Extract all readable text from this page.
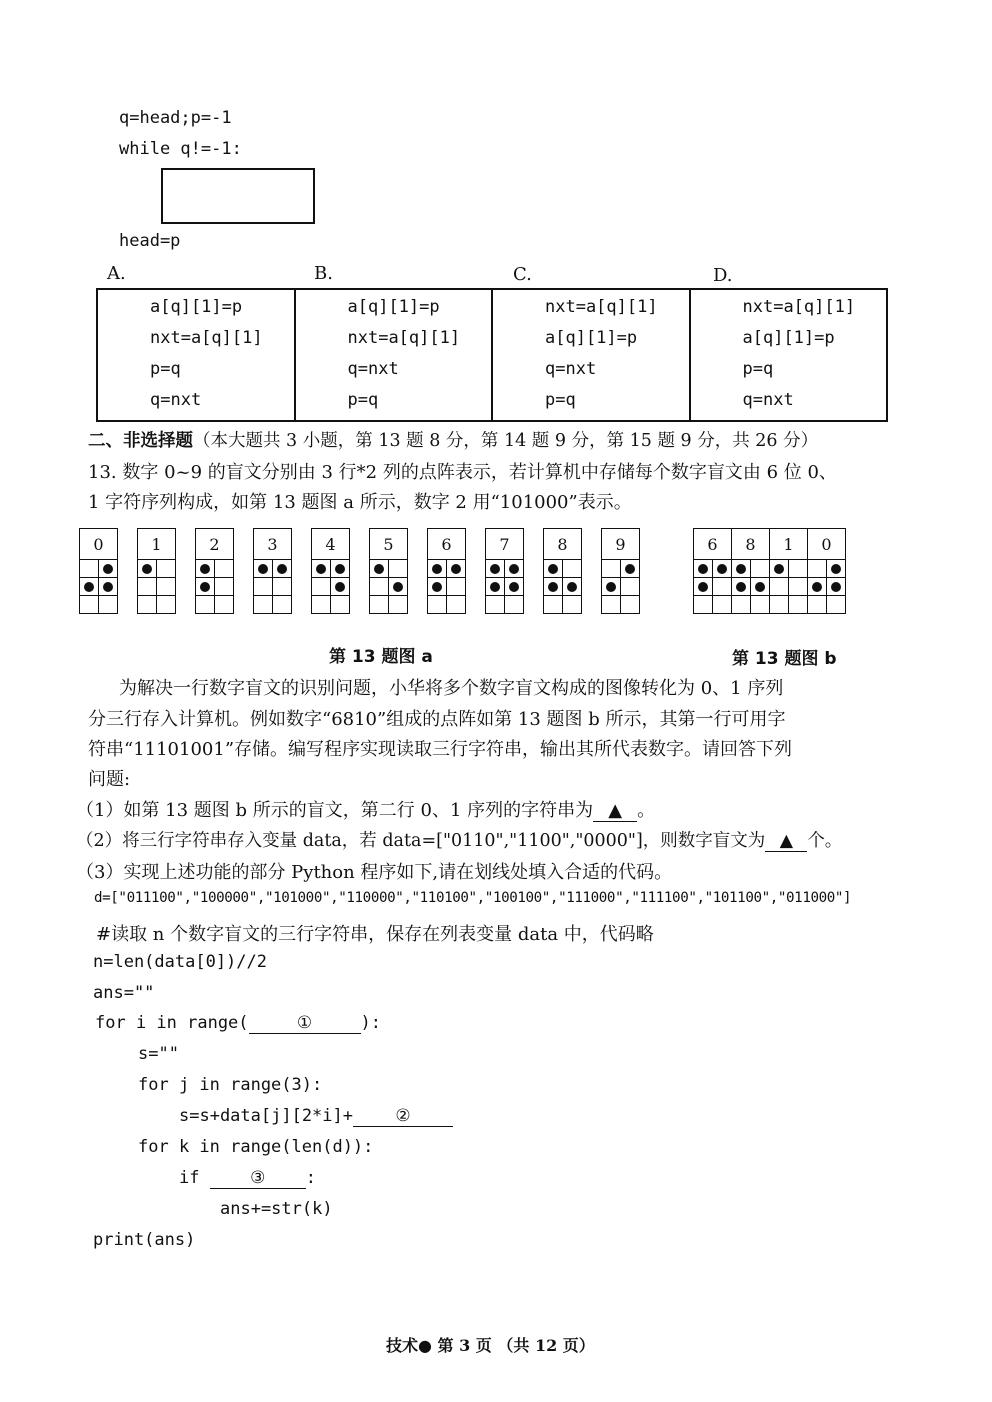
q=head;p=-1
while q!=-1:
head=p
A.	B.	C.	D.
a[q][1]=p
nxt=a[q][1]
p=q
q=nxt

a[q][1]=p
nxt=a[q][1]
q=nxt
p=q

nxt=a[q][1]
a[q][1]=p
q=nxt
p=q

nxt=a[q][1]
a[q][1]=p
p=q
q=nxt
二、非选择题（本大题共 3 小题，第 13 题 8 分，第 14 题 9 分，第 15 题 9 分，共 26 分）
13. 数字 0~9 的盲文分别由 3 行*2 列的点阵表示，若计算机中存储每个数字盲文由 6 位 0、
1 字符序列构成，如第 13 题图 a 所示，数字 2 用“101000”表示。
0			1			2			3			4			5			6			7			8			9	

第 13 题图 a
6		8		1		0	

第 13 题图 b
为解决一行数字盲文的识别问题，小华将多个数字盲文构成的图像转化为 0、1 序列
分三行存入计算机。例如数字“6810”组成的点阵如第 13 题图 b 所示，其第一行可用字
符串“11101001”存储。编写程序实现读取三行字符串，输出其所代表数字。请回答下列
问题:
（1）如第 13 题图 b 所示的盲文，第二行 0、1 序列的字符串为 ▲ 。
（2）将三行字符串存入变量 data，若 data=["0110","1100","0000"]，则数字盲文为 ▲ 个。
（3）实现上述功能的部分 Python 程序如下,请在划线处填入合适的代码。
d=["011100","100000","101000","110000","110100","100100","111000","111100","101100","011000"]
#读取 n 个数字盲文的三行字符串，保存在列表变量 data 中，代码略
n=len(data[0])//2
ans=""
for i in range(	①	):
s=""
for j in range(3):
s=s+data[j][2*i]+ ②
for k in range(len(d)):
if ③ :
ans+=str(k)
print(ans)
技术● 第 3 页 （共 12 页）
